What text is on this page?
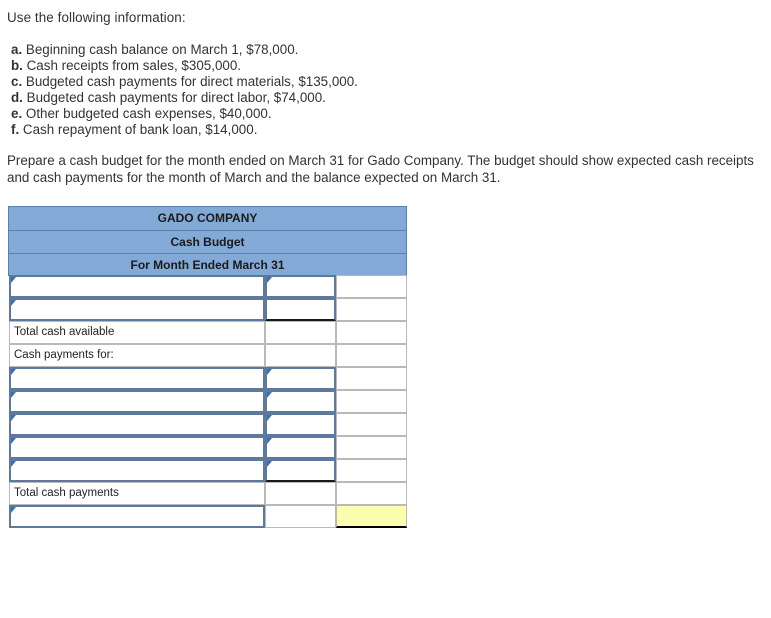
Use the following information:
a. Beginning cash balance on March 1, $78,000.
b. Cash receipts from sales, $305,000.
c. Budgeted cash payments for direct materials, $135,000.
d. Budgeted cash payments for direct labor, $74,000.
e. Other budgeted cash expenses, $40,000.
f. Cash repayment of bank loan, $14,000.
Prepare a cash budget for the month ended on March 31 for Gado Company. The budget should show expected cash receipts and cash payments for the month of March and the balance expected on March 31.
GADO COMPANY
Cash Budget
For Month Ended March 31
Total cash available
Cash payments for:
Total cash payments
